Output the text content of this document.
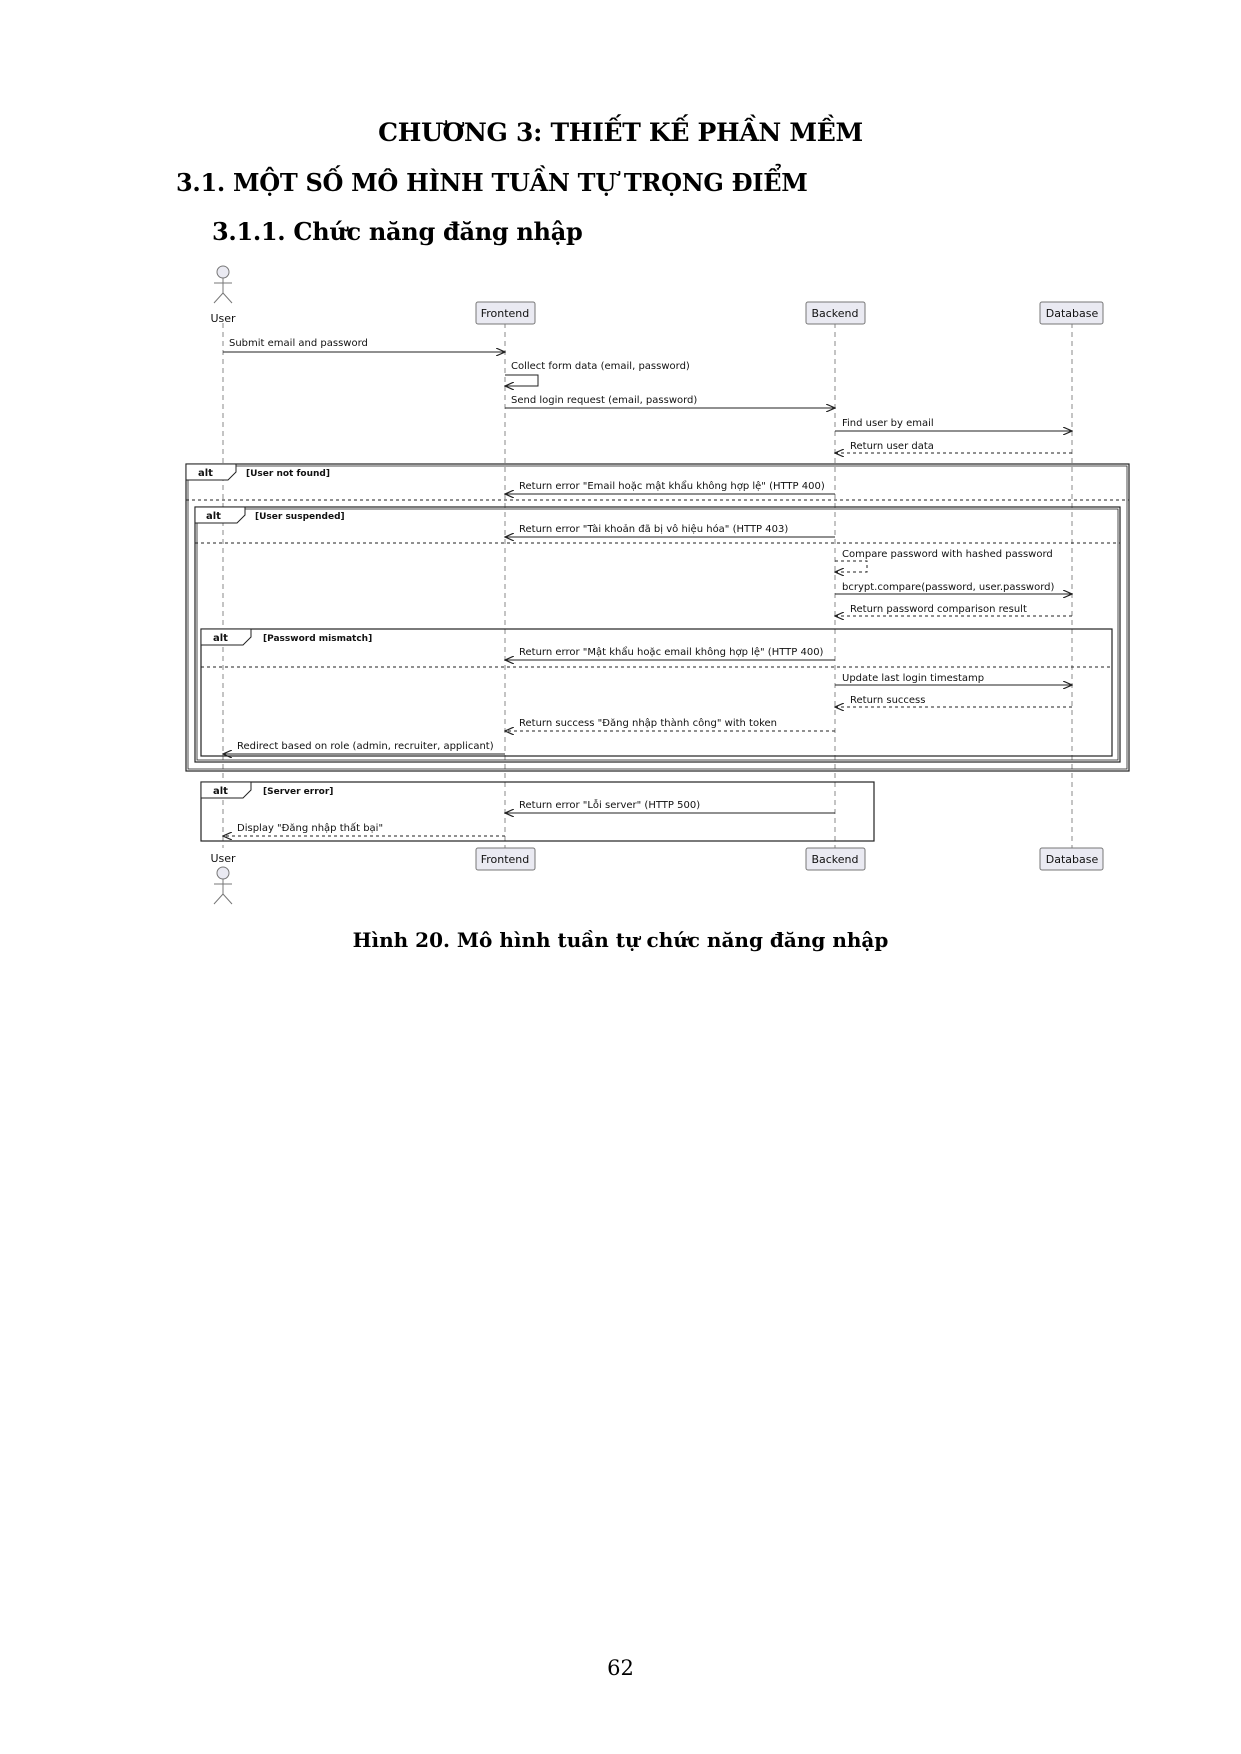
CHƯƠNG 3: THIẾT KẾ PHẦN MỀM
3.1. MỘT SỐ MÔ HÌNH TUẦN TỰ TRỌNG ĐIỂM
3.1.1. Chức năng đăng nhập
User	Frontend	Backend	Database
Submit email and password
Collect form data (email, password)
Send login request (email, password)
Find user by email
Return user data
alt	[User not found]
Return error "Email hoặc mật khẩu không hợp lệ" (HTTP 400)
alt	[User suspended]
Return error "Tài khoản đã bị vô hiệu hóa" (HTTP 403)
Compare password with hashed password
bcrypt.compare(password, user.password)
Return password comparison result
alt	[Password mismatch]
Return error "Mật khẩu hoặc email không hợp lệ" (HTTP 400)
Update last login timestamp
Return success
Return success "Đăng nhập thành công" with token
Redirect based on role (admin, recruiter, applicant)
alt	[Server error]
Return error "Lỗi server" (HTTP 500)
Display "Đăng nhập thất bại"
User	Frontend	Backend	Database
Hình 20. Mô hình tuần tự chức năng đăng nhập
62
